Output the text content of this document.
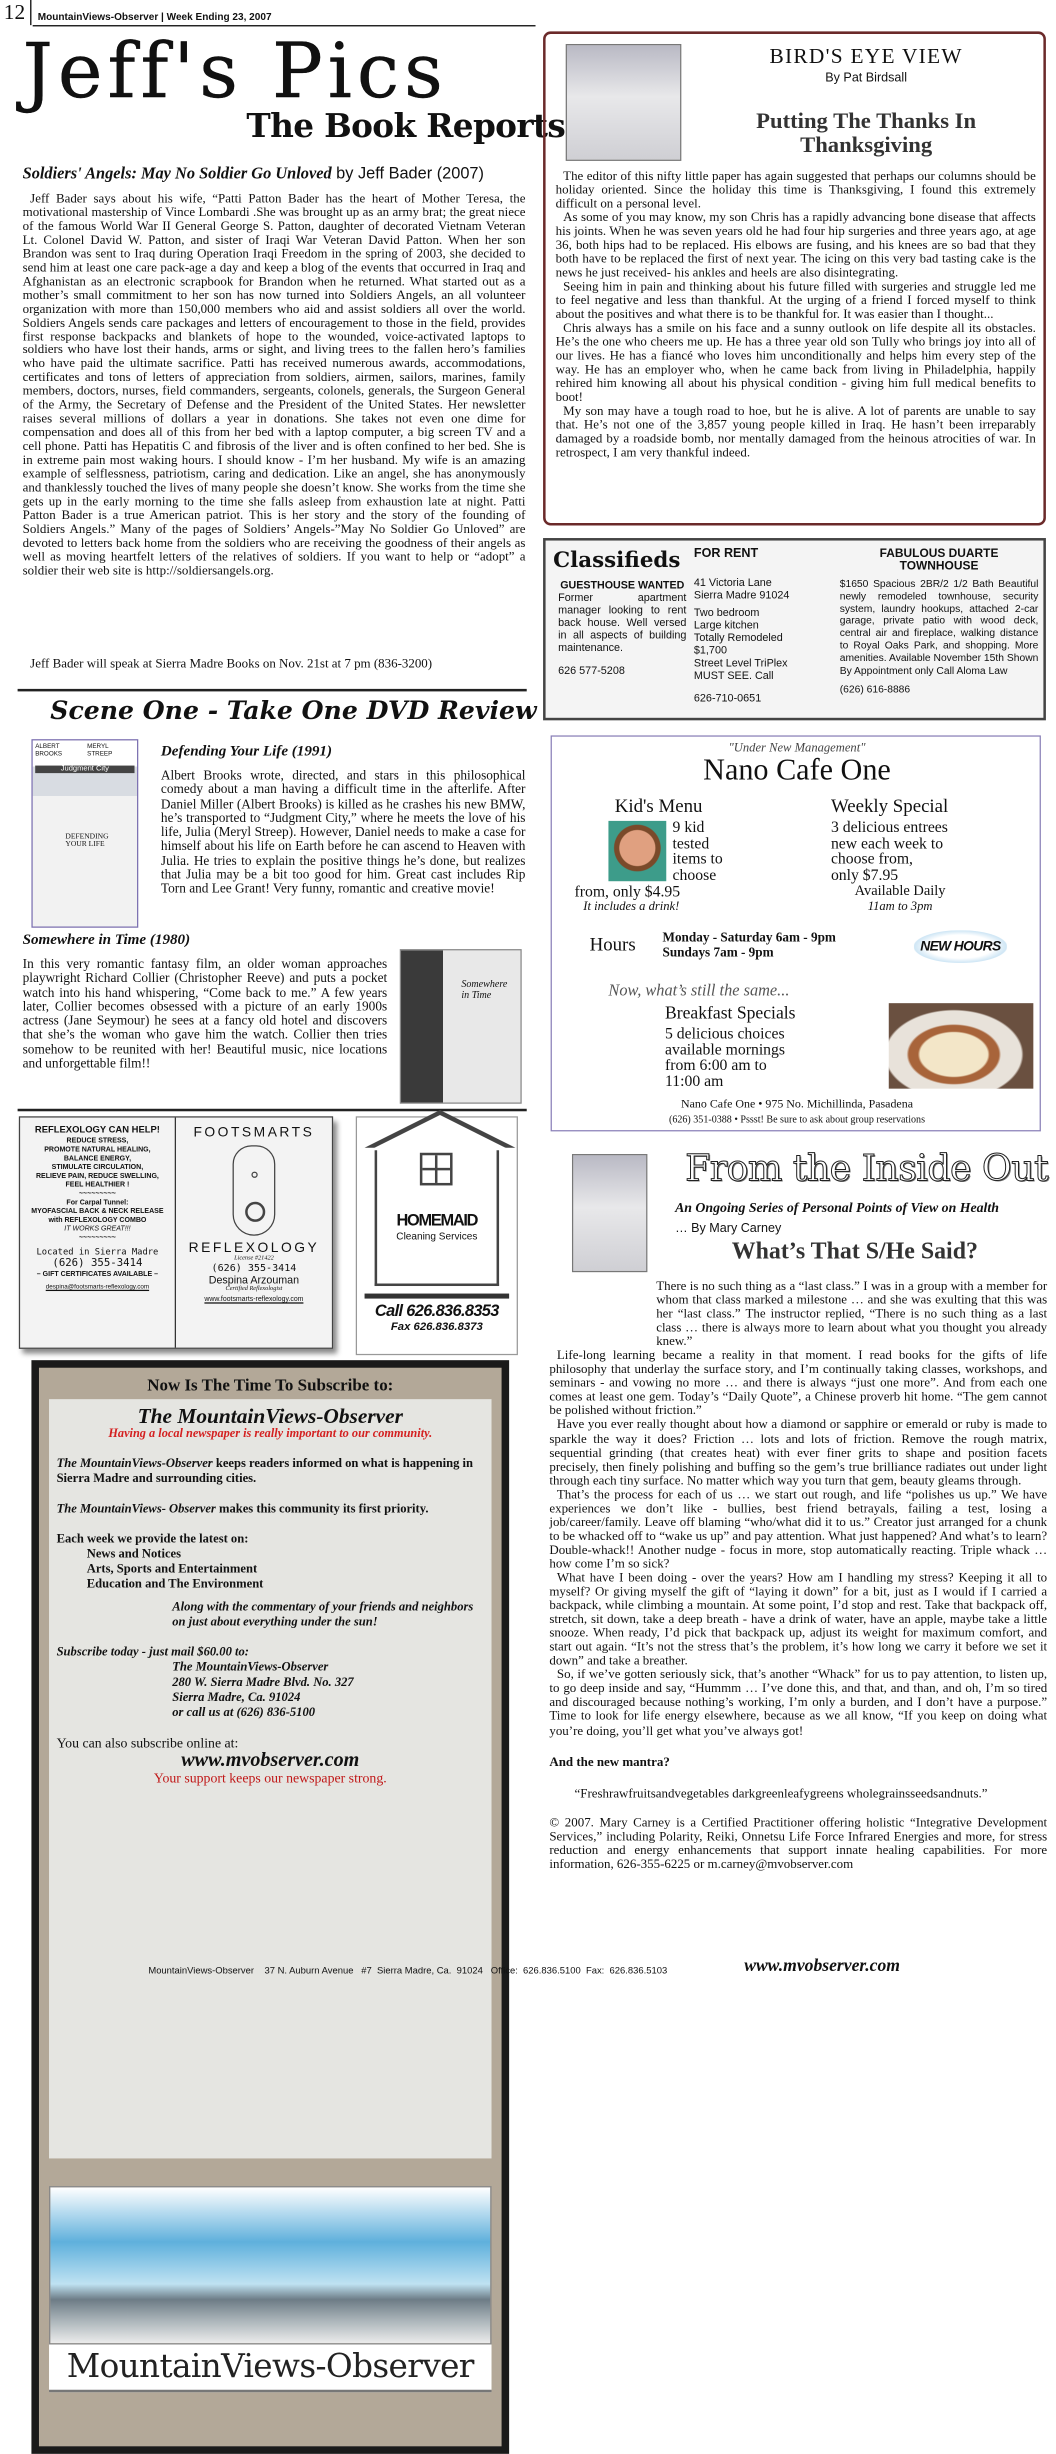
12 MountainViews-Observer | Week Ending 23, 2007
Jeff's Pics
The Book Reports
Soldiers' Angels: May No Soldier Go Unloved by Jeff Bader (2007)

Jeff Bader says about his wife, “Patti Patton Bader has the heart of Mother Teresa, the motivational mastership of Vince Lombardi .She was brought up as an army brat; the great niece of the famous World War II General George S. Patton, daughter of decorated Vietnam Veteran Lt. Colonel David W. Patton, and sister of Iraqi War Veteran David Patton. When her son Brandon was sent to Iraq during Operation Iraqi Freedom in the spring of 2003, she decided to send him at least one care pack-age a day and keep a blog of the events that occurred in Iraq and Afghanistan as an electronic scrapbook for Brandon when he returned. What started out as a mother’s small commitment to her son has now turned into Soldiers Angels, an all volunteer organization with more than 150,000 members who aid and assist soldiers all over the world. Soldiers Angels sends care packages and letters of encouragement to those in the field, provides first response backpacks and blankets of hope to the wounded, voice-activated laptops to soldiers who have lost their hands, arms or sight, and living trees to the fallen hero’s families who have paid the ultimate sacrifice. Patti has received numerous awards, accommodations, certificates and tons of letters of appreciation from soldiers, airmen, sailors, marines, family members, doctors, nurses, field commanders, sergeants, colonels, generals, the Surgeon General of the Army, the Secretary of Defense and the President of the United States. Her newsletter raises several millions of dollars a year in donations. She takes not even one dime for compensation and does all of this from her bed with a laptop computer, a big screen TV and a cell phone. Patti has Hepatitis C and fibrosis of the liver and is often confined to her bed. She is in extreme pain most waking hours. I should know - I’m her husband. My wife is an amazing example of selflessness, patriotism, caring and dedication. Like an angel, she has anonymously and thanklessly touched the lives of many people she doesn’t know. She works from the time she gets up in the early morning to the time she falls asleep from exhaustion late at night. Patti Patton Bader is a true American patriot. This is her story and the story of the founding of Soldiers Angels.” Many of the pages of Soldiers’ Angels-”May No Soldier Go Unloved” are devoted to letters back home from the soldiers who are receiving the goodness of their angels as well as moving heartfelt letters of the relatives of soldiers. If you want to help or “adopt” a soldier their web site is http://soldiersangels.org.

Jeff Bader will speak at Sierra Madre Books on Nov. 21st at 7 pm (836-3200)
Scene One - Take One DVD Review
ALBERT BROOKS
MERYL STREEP
Judgment City
DEFENDING YOUR LIFE
Defending Your Life (1991)
Albert Brooks wrote, directed, and stars in this philosophical comedy about a man having a difficult time in the afterlife. After Daniel Miller (Albert Brooks) is killed as he crashes his new BMW, he’s transported to “Judgment City,” where he meets the love of his life, Julia (Meryl Streep). However, Daniel needs to make a case for himself about his life on Earth before he can ascend to Heaven with Julia. He tries to explain the positive things he’s done, but realizes that Julia may be a bit too good for him. Great cast includes Rip Torn and Lee Grant! Very funny, romantic and creative movie!
Somewhere in Time (1980)
In this very romantic fantasy film, an older woman approaches playwright Richard Collier (Christopher Reeve) and puts a pocket watch into his hand whispering, “Come back to me.” A few years later, Collier becomes obsessed with a picture of an early 1900s actress (Jane Seymour) he sees at a fancy old hotel and discovers that she’s the woman who gave him the watch. Collier then tries somehow to be reunited with her! Beautiful music, nice locations and unforgettable film!!
Somewhere in Time
REFLEXOLOGY CAN HELP!
REDUCE STRESS,
PROMOTE NATURAL HEALING,
BALANCE ENERGY,
STIMULATE CIRCULATION,
RELIEVE PAIN, REDUCE SWELLING,
FEEL HEALTHIER !
~~~~~~~~~
For Carpal Tunnel:
MYOFASCIAL BACK & NECK RELEASE
with REFLEXOLOGY COMBO
IT WORKS GREAT!!!
~~~~~~~~~
Located in Sierra Madre
(626) 355-3414
– GIFT CERTIFICATES AVAILABLE –
despina@footsmarts-reflexology.com
FOOTSMARTS
REFLEXOLOGY
License #21422
(626) 355-3414
Despina Arzouman
Certified Reflexologist
www.footsmarts-reflexology.com
HOMEMAID
Cleaning Services
Call 626.836.8353
Fax 626.836.8373
Now Is The Time To Subscribe to:
The MountainViews-Observer
Having a local newspaper is really important to our community.
The MountainViews-Observer keeps readers informed on what is happening in Sierra Madre and surrounding cities.
The MountainViews- Observer makes this community its first priority.
Each week we provide the latest on:
News and Notices
Arts, Sports and Entertainment
Education and The Environment
Along with the commentary of your friends and neighbors on just about everything under the sun!
Subscribe today - just mail $60.00 to:
The MountainViews-Observer
280 W. Sierra Madre Blvd. No. 327
Sierra Madre, Ca. 91024
or call us at (626) 836-5100
You can also subscribe online at:
www.mvobserver.com
Your support keeps our newspaper strong.
MountainViews-Observer
BIRD'S EYE VIEW
By Pat Birdsall
Putting The Thanks In Thanksgiving

The editor of this nifty little paper has again suggested that perhaps our columns should be holiday oriented. Since the holiday this time is Thanksgiving, I found this extremely difficult on a personal level.

As some of you may know, my son Chris has a rapidly advancing bone disease that affects his joints. When he was seven years old he had four hip surgeries and three years ago, at age 36, both hips had to be replaced. His elbows are fusing, and his knees are so bad that they both have to be replaced the first of next year. The icing on this very bad tasting cake is the news he just received- his ankles and heels are also disintegrating.

Seeing him in pain and thinking about his future filled with surgeries and struggle led me to feel negative and less than thankful. At the urging of a friend I forced myself to think about the positives and what there is to be thankful for. It was easier than I thought...

Chris always has a smile on his face and a sunny outlook on life despite all its obstacles. He’s the one who cheers me up. He has a three year old son Tully who brings joy into all of our lives. He has a fiancé who loves him unconditionally and helps him every step of the way. He has an employer who, when he came back from living in Philadelphia, happily rehired him knowing all about his physical condition - giving him full medical benefits to boot!

My son may have a tough road to hoe, but he is alive. A lot of parents are unable to say that. He’s not one of the 3,857 young people killed in Iraq. He hasn’t been irreparably damaged by a roadside bomb, nor mentally damaged from the heinous atrocities of war. In retrospect, I am very thankful indeed.

Classifieds
GUESTHOUSE WANTED
Former apartment manager looking to rent back house. Well versed in all aspects of building maintenance.
626 577-5208
FOR RENT
41 Victoria Lane
Sierra Madre 91024
Two bedroom
Large kitchen
Totally Remodeled
$1,700
Street Level TriPlex
MUST SEE. Call
626-710-0651
FABULOUS DUARTE TOWNHOUSE
$1650 Spacious 2BR/2 1/2 Bath Beautiful newly remodeled townhouse, security system, laundry hookups, attached 2-car garage, private patio with wood deck, central air and fireplace, walking distance to Royal Oaks Park, and shopping. More amenities. Available November 15th Shown By Appointment only Call Aloma Law
(626) 616-8886
"Under New Management"
Nano Cafe One
Kid's Menu
9 kid
tested
items to
choose
from, only $4.95
It includes a drink!
Weekly Special
3 delicious entrees
new each week to
choose from,
only $7.95
Available Daily
11am to 3pm
Hours	Monday - Saturday 6am - 9pm
Sundays 7am - 9pm	NEW HOURS
Now, what’s still the same...
Breakfast Specials
5 delicious choices
available mornings
from 6:00 am to
11:00 am
Nano Cafe One • 975 No. Michillinda, Pasadena
(626) 351-0388 • Pssst! Be sure to ask about group reservations
From the Inside Out
An Ongoing Series of Personal Points of View on Health
… By Mary Carney
What’s That S/He Said?

There is no such thing as a “last class.” I was in a group with a member for whom that class marked a milestone … and she was exulting that this was her “last class.” The instructor replied, “There is no such thing as a last class … there is always more to learn about what you thought you already knew.”

Life-long learning became a reality in that moment. I read books for the gifts of life philosophy that underlay the surface story, and I’m continually taking classes, workshops, and seminars - and vowing no more … and there is always “just one more”. And from each one comes at least one gem. Today’s “Daily Quote”, a Chinese proverb hit home. “The gem cannot be polished without friction.”

Have you ever really thought about how a diamond or sapphire or emerald or ruby is made to sparkle the way it does? Friction … lots and lots of friction. Remove the rough matrix, sequential grinding (that creates heat) with ever finer grits to shape and position facets precisely, then finely polishing and buffing so the gem’s true brilliance radiates out under light through each tiny surface. No matter which way you turn that gem, beauty gleams through.

That’s the process for each of us … we start out rough, and life “polishes us up.” We have experiences we don’t like - bullies, best friend betrayals, failing a test, losing a job/career/family. Leave off blaming “who/what did it to us.” Creator just arranged for a chunk to be whacked off to “wake us up” and pay attention. What just happened? And what’s to learn? Double-whack!! Another nudge - focus in more, stop automatically reacting. Triple whack … how come I’m so sick?

What have I been doing - over the years? How am I handling my stress? Keeping it all to myself? Or giving myself the gift of “laying it down” for a bit, just as I would if I carried a backpack, while climbing a mountain. At some point, I’d stop and rest. Take that backpack off, stretch, sit down, take a deep breath - have a drink of water, have an apple, maybe take a little snooze. When ready, I’d pick that backpack up, adjust its weight for maximum comfort, and start out again. “It’s not the stress that’s the problem, it’s how long we carry it before we set it down” and take a breather.

So, if we’ve gotten seriously sick, that’s another “Whack” for us to pay attention, to listen up, to go deep inside and say, “Hummm … I’ve done this, and that, and than, and oh, I’m so tired and discouraged because nothing’s working, I’m only a burden, and I don’t have a purpose.” Time to look for life energy elsewhere, because as we all know, “If you keep on doing what you’re doing, you’ll get what you’ve always got!

And the new mantra?

“Freshrawfruitsandvegetables darkgreenleafygreens wholegrainsseedsandnuts.”

© 2007. Mary Carney is a Certified Practitioner offering holistic “Integrative Development Services,” including Polarity, Reiki, Onnetsu Life Force Infrared Energies and more, for stress reduction and energy enhancements that support innate healing capabilities. For more information, 626-355-6225 or m.carney@mvobserver.com

MountainViews-Observer    37 N. Auburn Avenue   #7  Sierra Madre, Ca.  91024   Office:  626.836.5100  Fax:  626.836.5103	www.mvobserver.com
